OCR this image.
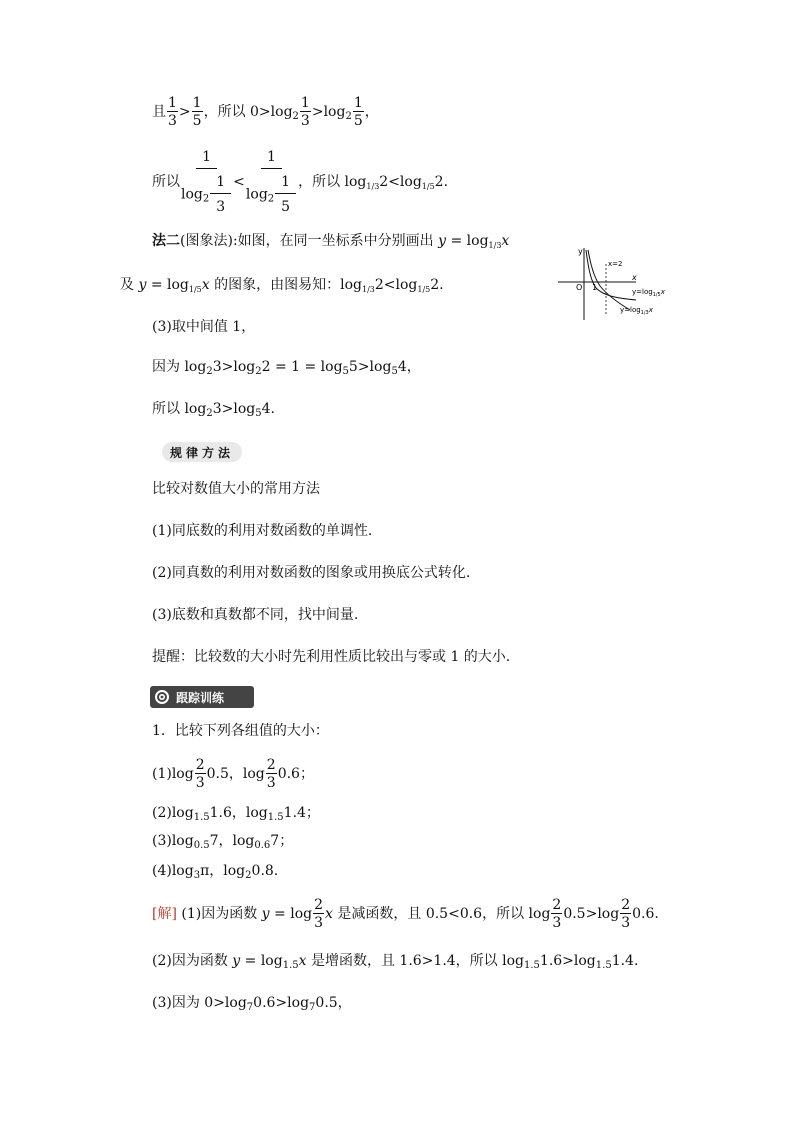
且 $\frac{1}{3} > \frac{1}{5}$ ，所以 $0>\log_2 \frac{1}{3} >\log_2 \frac{1}{5}$ ，
所以 $\frac{1}{\log_2 \frac{1}{3}} < \frac{1}{\log_2 \frac{1}{5}}$ ，所以 $\log_{1/3}2<\log_{1/5}2$.
法二(图象法):如图，在同一坐标系中分别画出 $y = \log_{1/3}x$
及 $y = \log_{1/5}x$ 的图象，由图易知：$\log_{1/3}2<\log_{1/5}2$.
y
x
O 1
x=2
$y=\log_{1/5}x$
$y=\log_{1/3}x$
(3)取中间值 1，
因为 $\log_23>\log_22 = 1 = \log_55>\log_54$，
所以 $\log_23>\log_54$.
规律方法
比较对数值大小的常用方法
(1)同底数的利用对数函数的单调性.
(2)同真数的利用对数函数的图象或用换底公式转化.
(3)底数和真数都不同，找中间量.
提醒：比较数的大小时先利用性质比较出与零或 1 的大小.
跟踪训练
1．比较下列各组值的大小：
$(1)\log \frac{2}{3} 0.5$，$\log \frac{2}{3} 0.6$；
$(2)\log_{1.5}1.6$，$\log_{1.5}1.4$；
$(3)\log_{0.5}7$，$\log_{0.6}7$；
$(4)\log_3\pi$，$\log_20.8$.
[解] (1)因为函数 $y = \log \frac{2}{3}$ x 是减函数，且 0.5<0.6，所以 $\log \frac{2}{3} 0.5>\log \frac{2}{3} 0.6$.
(2)因为函数 $y = \log_{1.5}x$ 是增函数，且 1.6>1.4，所以 $\log_{1.5}1.6>\log_{1.5}1.4$.
(3)因为 $0>\log_70.6>\log_70.5$，
